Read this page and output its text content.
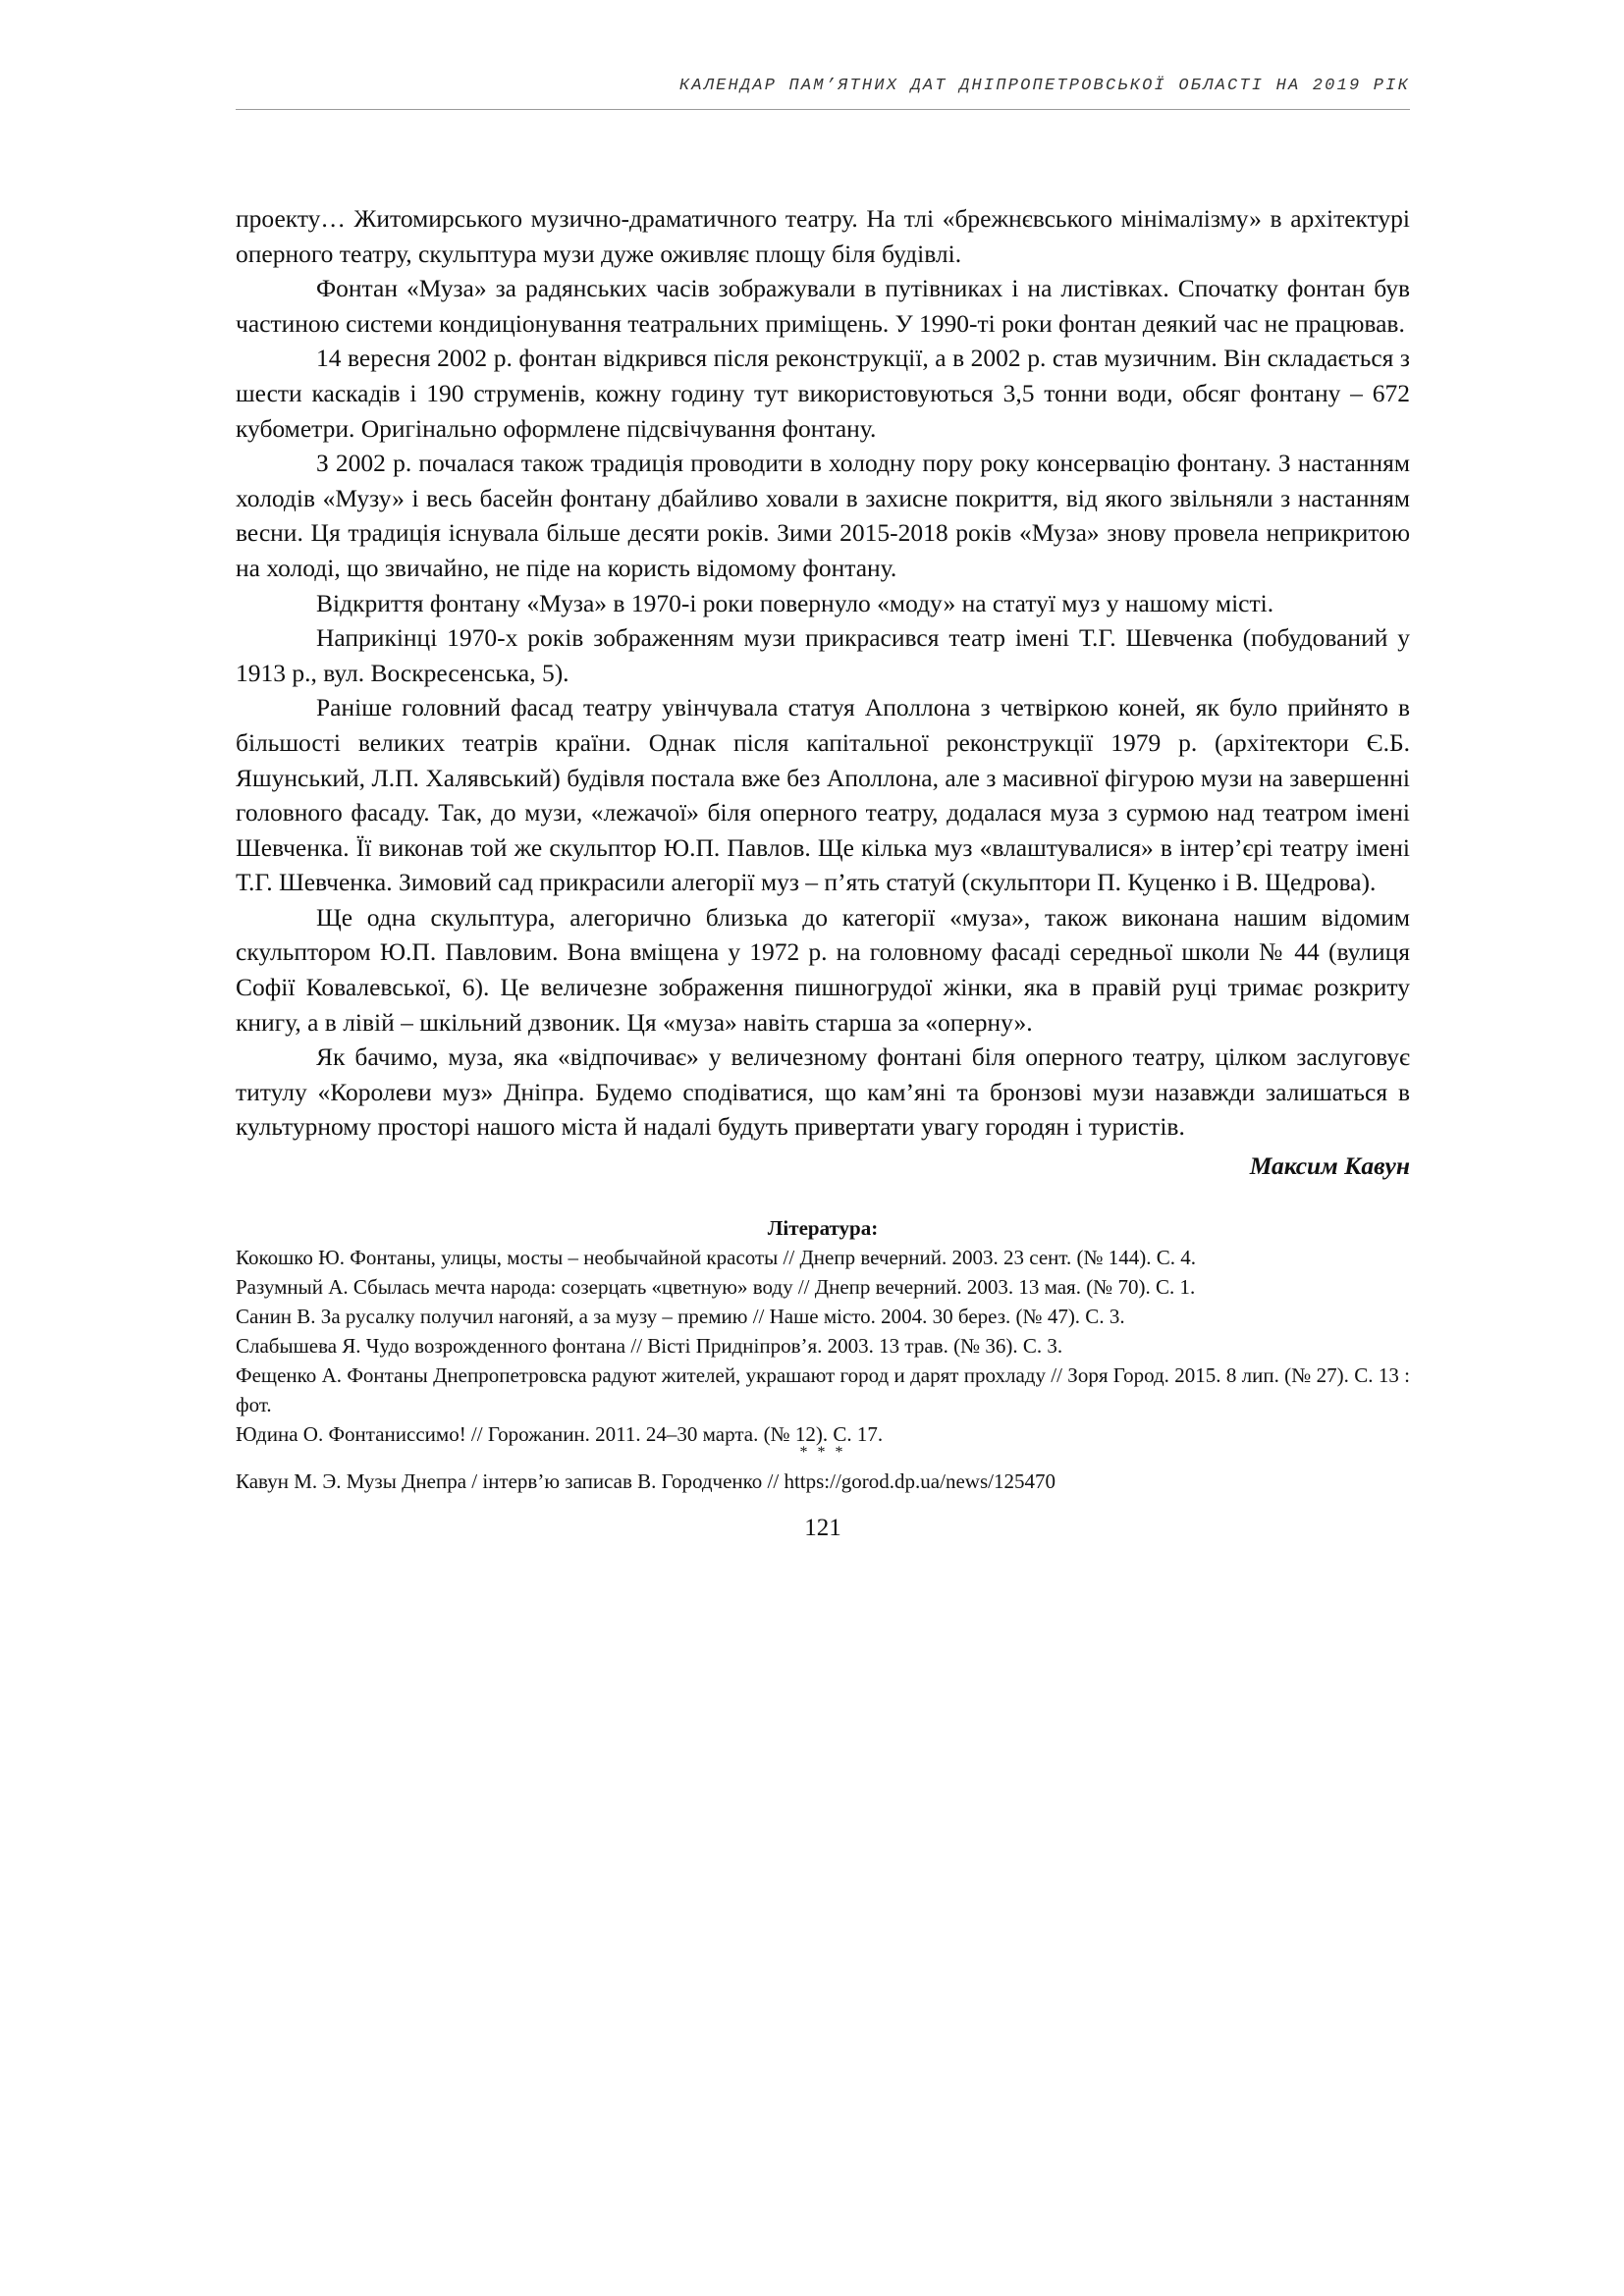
КАЛЕНДАР ПАМ’ЯТНИХ ДАТ ДНІПРОПЕТРОВСЬКОЇ ОБЛАСТІ НА 2019 РІК

проекту… Житомирського музично-драматичного театру. На тлі «брежнєвського мінімалізму» в архітектурі оперного театру, скульптура музи дуже оживляє площу біля будівлі.

Фонтан «Муза» за радянських часів зображували в путівниках і на листівках. Спочатку фонтан був частиною системи кондиціонування театральних приміщень. У 1990-ті роки фонтан деякий час не працював.

14 вересня 2002 р. фонтан відкрився після реконструкції, а в 2002 р. став музичним. Він складається з шести каскадів і 190 струменів, кожну годину тут використовуються 3,5 тонни води, обсяг фонтану – 672 кубометри. Оригінально оформлене підсвічування фонтану.

З 2002 р. почалася також традиція проводити в холодну пору року консервацію фонтану. З настанням холодів «Музу» і весь басейн фонтану дбайливо ховали в захисне покриття, від якого звільняли з настанням весни. Ця традиція існувала більше десяти років. Зими 2015-2018 років «Муза» знову провела неприкритою на холоді, що звичайно, не піде на користь відомому фонтану.

Відкриття фонтану «Муза» в 1970-і роки повернуло «моду» на статуї муз у нашому місті.

Наприкінці 1970-х років зображенням музи прикрасився театр імені Т.Г. Шевченка (побудований у 1913 р., вул. Воскресенська, 5).

Раніше головний фасад театру увінчувала статуя Аполлона з четвіркою коней, як було прийнято в більшості великих театрів країни. Однак після капітальної реконструкції 1979 р. (архітектори Є.Б. Яшунський, Л.П. Халявський) будівля постала вже без Аполлона, але з масивної фігурою музи на завершенні головного фасаду. Так, до музи, «лежачої» біля оперного театру, додалася муза з сурмою над театром імені Шевченка. Її виконав той же скульптор Ю.П. Павлов. Ще кілька муз «влаштувалися» в інтер’єрі театру імені Т.Г. Шевченка. Зимовий сад прикрасили алегорії муз – п’ять статуй (скульптори П. Куценко і В. Щедрова).

Ще одна скульптура, алегорично близька до категорії «муза», також виконана нашим відомим скульптором Ю.П. Павловим. Вона вміщена у 1972 р. на головному фасаді середньої школи № 44 (вулиця Софії Ковалевської, 6). Це величезне зображення пишногрудої жінки, яка в правій руці тримає розкриту книгу, а в лівій – шкільний дзвоник. Ця «муза» навіть старша за «оперну».

Як бачимо, муза, яка «відпочиває» у величезному фонтані біля оперного театру, цілком заслуговує титулу «Королеви муз» Дніпра. Будемо сподіватися, що кам’яні та бронзові музи назавжди залишаться в культурному просторі нашого міста й надалі будуть привертати увагу городян і туристів.

Максим Кавун
Література:

Кокошко Ю. Фонтаны, улицы, мосты – необычайной красоты // Днепр вечерний. 2003. 23 сент. (№ 144). С. 4.

Разумный А. Сбылась мечта народа: созерцать «цветную» воду // Днепр вечерний. 2003. 13 мая. (№ 70). С. 1.

Санин В. За русалку получил нагоняй, а за музу – премию // Наше місто. 2004. 30 берез. (№ 47). С. 3.

Слабышева Я. Чудо возрожденного фонтана // Вісті Придніпров’я. 2003. 13 трав. (№ 36). С. 3.

Фещенко А. Фонтаны Днепропетровска радуют жителей, украшают город и дарят прохладу // Зоря Город. 2015. 8 лип. (№ 27). С. 13 : фот.

Юдина О. Фонтаниссимо! // Горожанин. 2011. 24–30 марта. (№ 12). С. 17.

* * *

Кавун М. Э. Музы Днепра / інтерв’ю записав В. Городченко // https://gorod.dp.ua/news/125470

121
